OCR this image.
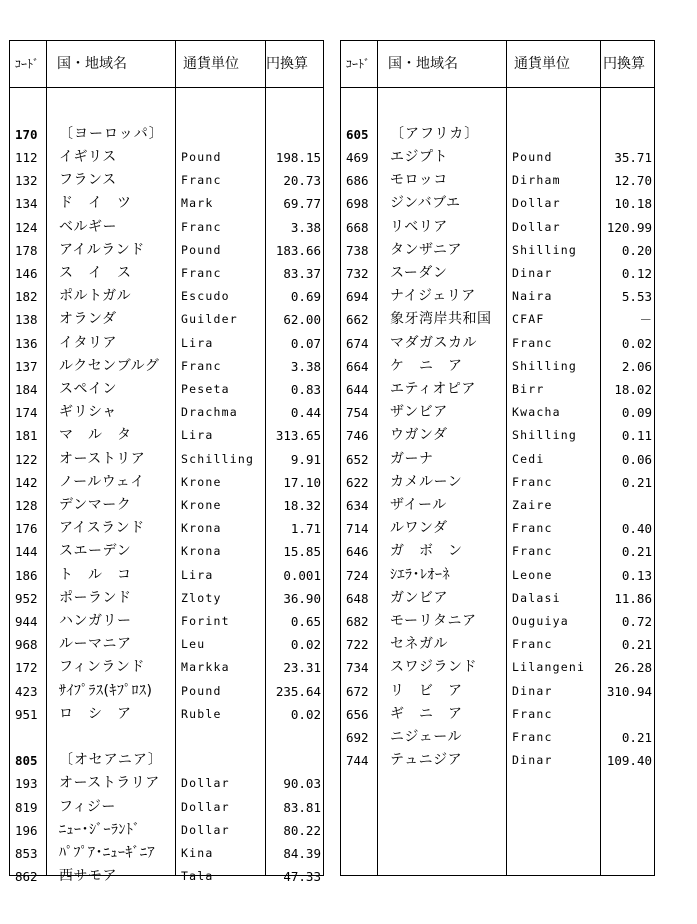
ｺｰﾄﾞ 国・地域名	通貨単位 円換算
170 〔ヨーロッパ〕
112 イギリス	Pound	198.15
132 フランス	Franc	20.73
134 ド　イ　ツ	Mark	69.77
124 ベルギー	Franc	3.38
178 アイルランド	Pound	183.66
146 ス　イ　ス	Franc	83.37
182 ポルトガル	Escudo	0.69
138 オランダ	Guilder	62.00
136 イタリア	Lira	0.07
137 ルクセンブルグ Franc	3.38
184 スペイン	Peseta	0.83
174 ギリシャ	Drachma	0.44
181 マ　ル　タ	Lira	313.65
122 オーストリア	Schilling	9.91
142 ノールウェイ	Krone	17.10
128 デンマーク	Krone	18.32
176 アイスランド	Krona	1.71
144 スエーデン	Krona	15.85
186 ト　ル　コ	Lira	0.001
952 ポーランド	Zloty	36.90
944 ハンガリー	Forint	0.65
968 ルーマニア	Leu	0.02
172 フィンランド	Markka	23.31
423 ｻｲﾌﾟﾗｽ(ｷﾌﾟﾛｽ) Pound	235.64
951 ロ　シ　ア	Ruble	0.02
805 〔オセアニア〕
193 オーストラリア Dollar	90.03
819 フィジー	Dollar	83.81
196 ﾆｭｰ･ｼﾞｰﾗﾝﾄﾞ	Dollar	80.22
853 ﾊﾟﾌﾟｱ･ﾆｭｰｷﾞﾆｱ Kina	84.39
862 西サモア	Tala	47.33
ｺｰﾄﾞ 国・地域名	通貨単位 円換算
605 〔アフリカ〕
469 エジプト	Pound	35.71
686 モロッコ	Dirham	12.70
698 ジンバブエ	Dollar	10.18
668 リベリア	Dollar	120.99
738 タンザニア	Shilling	0.20
732 スーダン	Dinar	0.12
694 ナイジェリア	Naira	5.53
662 象牙湾岸共和国 CFAF	－
674 マダガスカル	Franc	0.02
664 ケ　ニ　ア	Shilling	2.06
644 エティオピア	Birr	18.02
754 ザンビア	Kwacha	0.09
746 ウガンダ	Shilling	0.11
652 ガーナ	Cedi	0.06
622 カメルーン	Franc	0.21
634 ザイール	Zaire
714 ルワンダ	Franc	0.40
646 ガ　ボ　ン	Franc	0.21
724 ｼｴﾗ･ﾚｵｰﾈ	Leone	0.13
648 ガンビア	Dalasi	11.86
682 モーリタニア	Ouguiya	0.72
722 セネガル	Franc	0.21
734 スワジランド	Lilangeni 26.28
672 リ　ビ　ア	Dinar	310.94
656 ギ　ニ　ア	Franc
692 ニジェール	Franc	0.21
744 テュニジア	Dinar	109.40
